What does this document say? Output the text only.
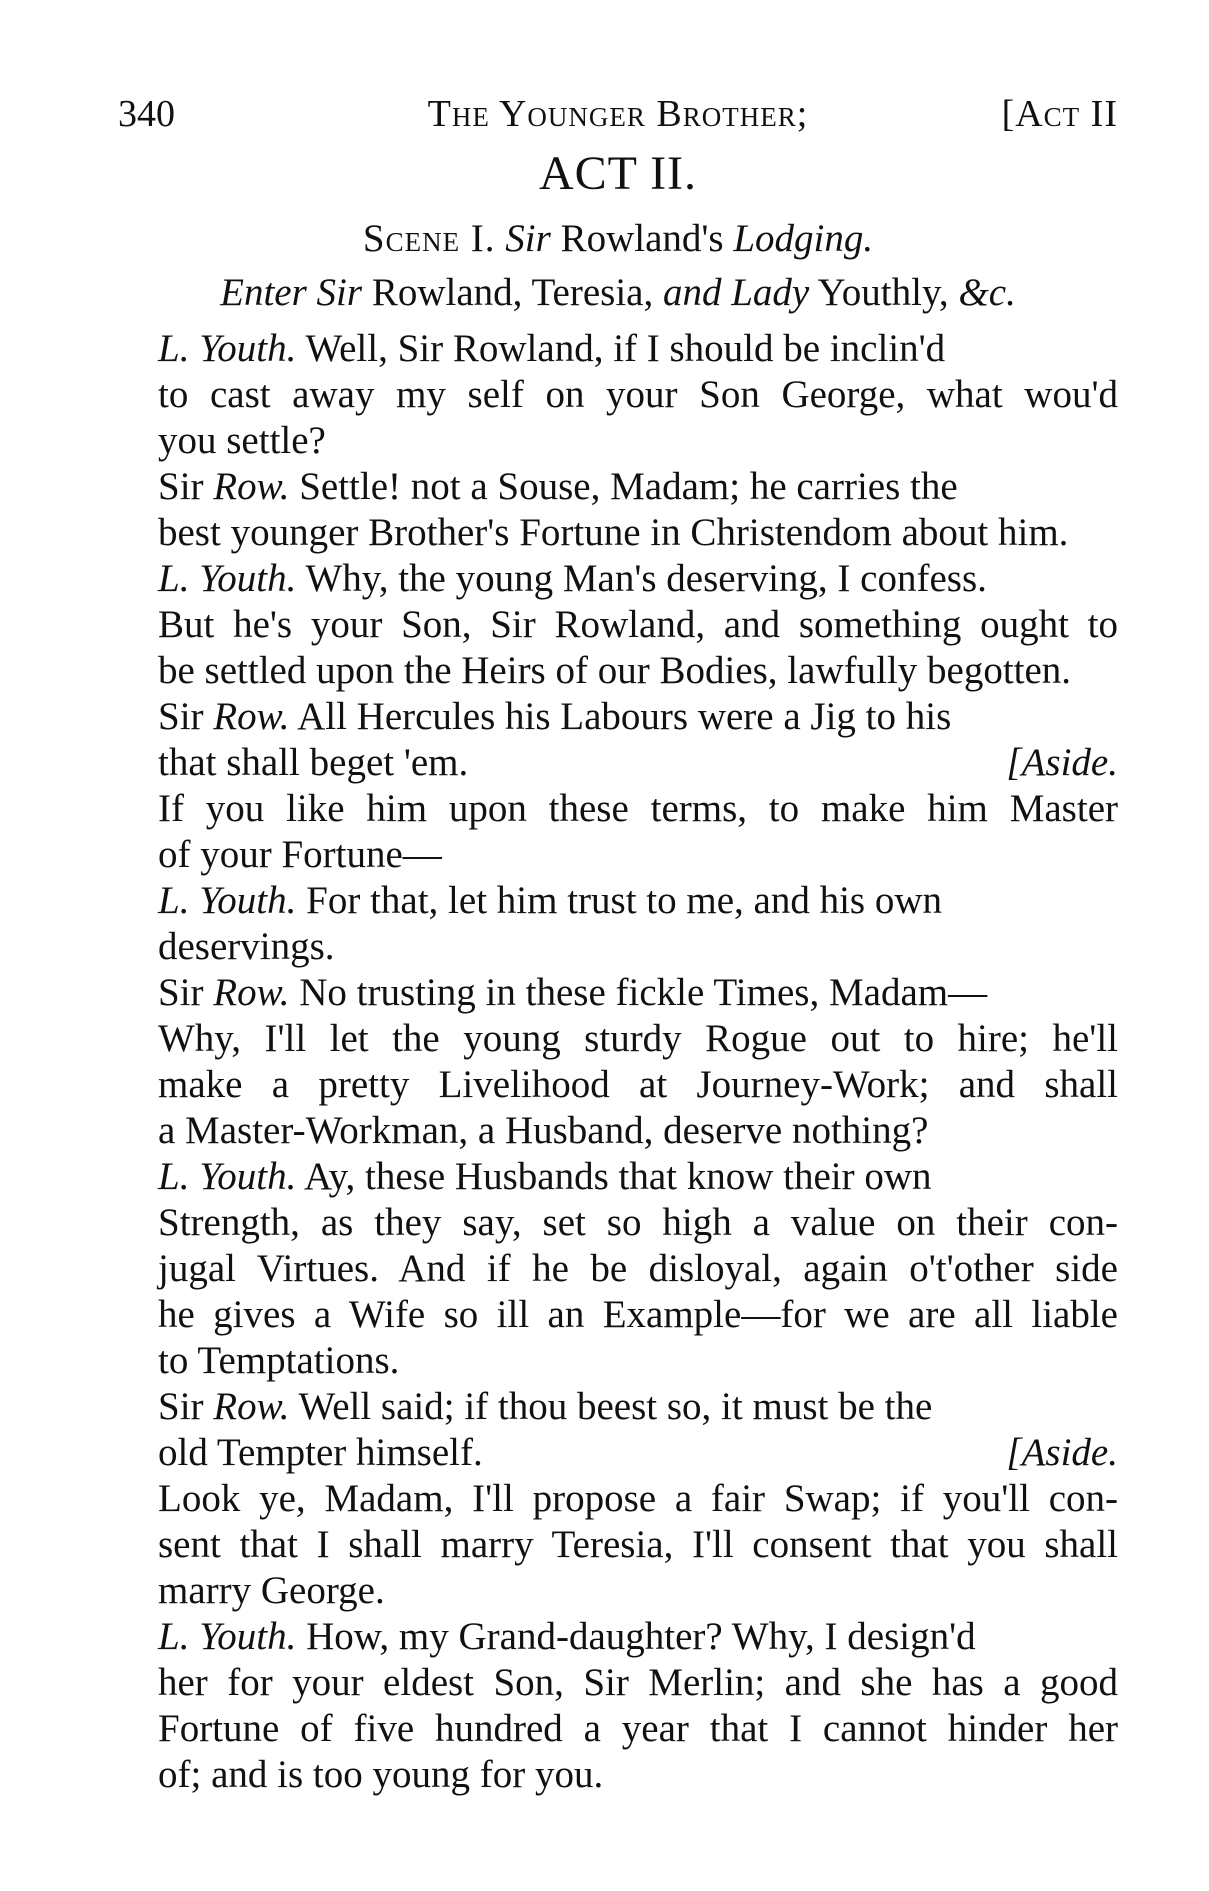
340	The Younger Brother;	[Act II
ACT II.
Scene I. Sir Rowland's Lodging.
Enter Sir Rowland, Teresia, and Lady Youthly, &c.

L. Youth. Well, Sir Rowland, if I should be inclin'd
to cast away my self on your Son George, what wou'd
you settle?

Sir Row. Settle! not a Souse, Madam; he carries the
best younger Brother's Fortune in Christendom about him.

L. Youth. Why, the young Man's deserving, I confess.
But he's your Son, Sir Rowland, and something ought to
be settled upon the Heirs of our Bodies, lawfully begotten.

Sir Row. All Hercules his Labours were a Jig to his
that shall beget 'em.	[Aside.
If you like him upon these terms, to make him Master
of your Fortune—

L. Youth. For that, let him trust to me, and his own
deservings.

Sir Row. No trusting in these fickle Times, Madam—
Why, I'll let the young sturdy Rogue out to hire; he'll
make a pretty Livelihood at Journey-Work; and shall
a Master-Workman, a Husband, deserve nothing?

L. Youth. Ay, these Husbands that know their own
Strength, as they say, set so high a value on their con-
jugal Virtues. And if he be disloyal, again o't'other side
he gives a Wife so ill an Example—for we are all liable
to Temptations.

Sir Row. Well said; if thou beest so, it must be the
old Tempter himself.	[Aside.
Look ye, Madam, I'll propose a fair Swap; if you'll con-
sent that I shall marry Teresia, I'll consent that you shall
marry George.

L. Youth. How, my Grand-daughter? Why, I design'd
her for your eldest Son, Sir Merlin; and she has a good
Fortune of five hundred a year that I cannot hinder her
of; and is too young for you.
